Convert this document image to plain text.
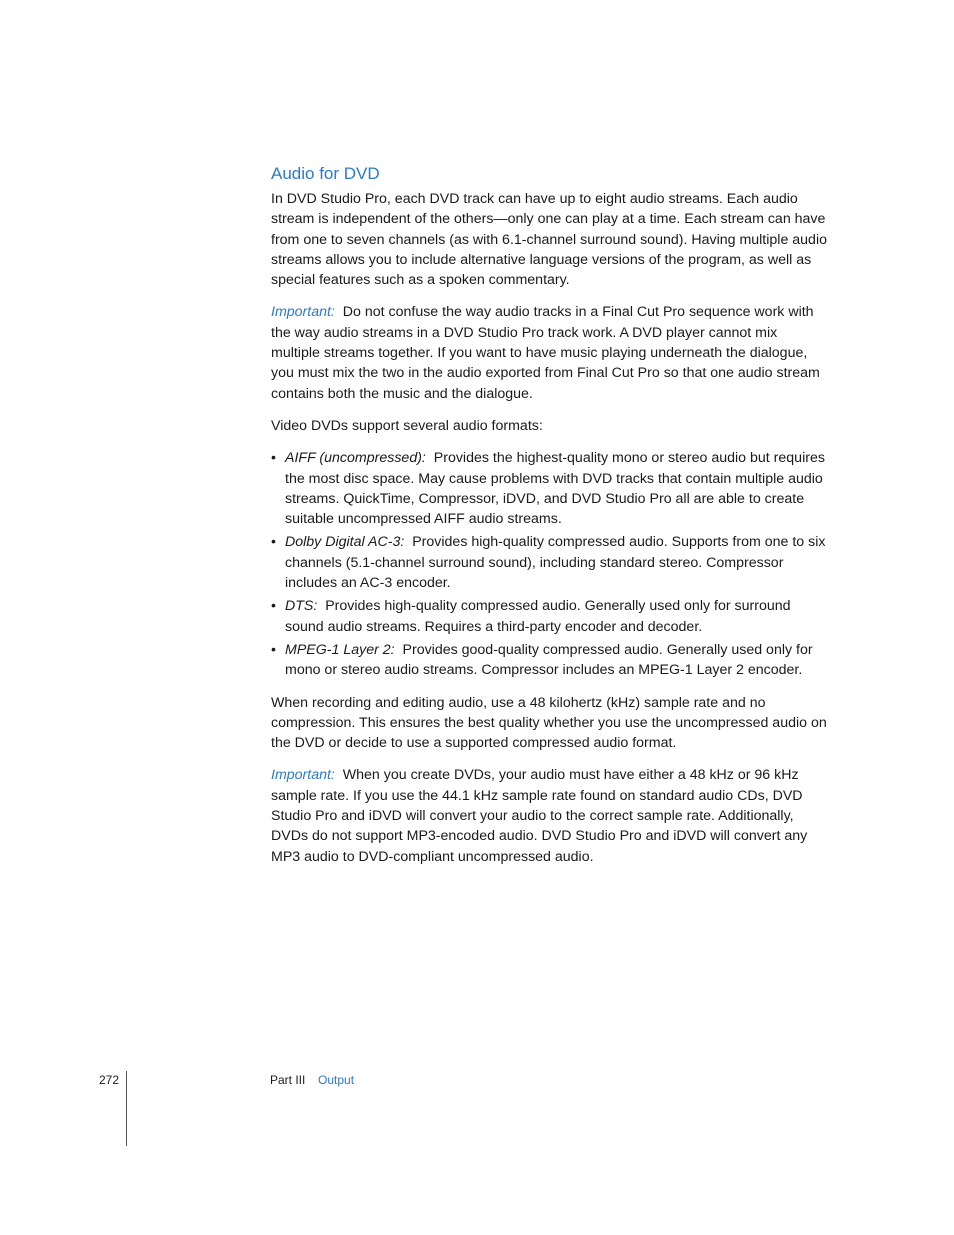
Audio for DVD

In DVD Studio Pro, each DVD track can have up to eight audio streams. Each audio stream is independent of the others—only one can play at a time. Each stream can have from one to seven channels (as with 6.1-channel surround sound). Having multiple audio streams allows you to include alternative language versions of the program, as well as special features such as a spoken commentary.

Important: Do not confuse the way audio tracks in a Final Cut Pro sequence work with the way audio streams in a DVD Studio Pro track work. A DVD player cannot mix multiple streams together. If you want to have music playing underneath the dialogue, you must mix the two in the audio exported from Final Cut Pro so that one audio stream contains both the music and the dialogue.

Video DVDs support several audio formats:

• AIFF (uncompressed): Provides the highest-quality mono or stereo audio but requires the most disc space. May cause problems with DVD tracks that contain multiple audio streams. QuickTime, Compressor, iDVD, and DVD Studio Pro all are able to create suitable uncompressed AIFF audio streams.
• Dolby Digital AC-3: Provides high-quality compressed audio. Supports from one to six channels (5.1-channel surround sound), including standard stereo. Compressor includes an AC-3 encoder.
• DTS: Provides high-quality compressed audio. Generally used only for surround sound audio streams. Requires a third-party encoder and decoder.
• MPEG-1 Layer 2: Provides good-quality compressed audio. Generally used only for mono or stereo audio streams. Compressor includes an MPEG-1 Layer 2 encoder.

When recording and editing audio, use a 48 kilohertz (kHz) sample rate and no compression. This ensures the best quality whether you use the uncompressed audio on the DVD or decide to use a supported compressed audio format.

Important: When you create DVDs, your audio must have either a 48 kHz or 96 kHz sample rate. If you use the 44.1 kHz sample rate found on standard audio CDs, DVD Studio Pro and iDVD will convert your audio to the correct sample rate. Additionally, DVDs do not support MP3-encoded audio. DVD Studio Pro and iDVD will convert any MP3 audio to DVD-compliant uncompressed audio.

272	Part III Output
